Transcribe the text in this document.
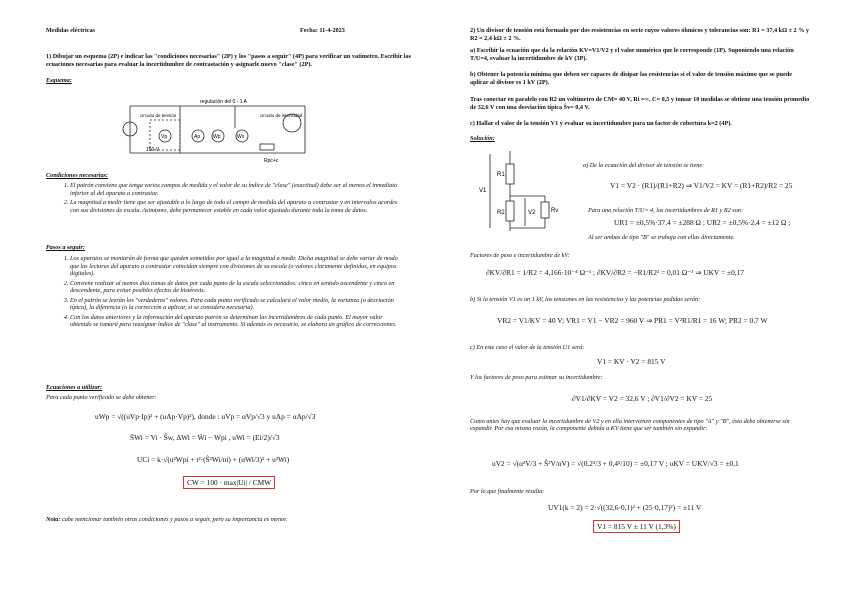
Medidas eléctricas	Fecha: 11-4-2023
1) Dibujar un esquema (2P) e indicar las "condiciones necesarias" (2P) y los "pasos a seguir" (4P) para verificar un vatímetro. Escribir las ecuaciones necesarias para evaluar la incertidumbre de contrastación y asignarle nuevo "clase" (2P).
Esquema:
regulación del 0 - 1 A
circuito de tensión	circuito de intensidad
150 V
Rpc+c
Vp	Ap	Wp	Wx
Condiciones necesarias:
1. El patrón conviene que tenga varios campos de medida y el valor de su índice de "clase" (exactitud) debe ser al menos el inmediato inferior al del aparato a contrastar.
2. La magnitud a medir tiene que ser ajustable a lo largo de todo el campo de medida del aparato a contrastar y en intervalos acordes con sus divisiones de escala. Asimismo, debe permanecer estable en cada valor ajustado durante toda la toma de datos.
Pasos a seguir:
1. Los aparatos se montarán de forma que queden sometidos por igual a la magnitud a medir. Dicha magnitud se debe variar de modo que las lecturas del aparato a contrastar coincidan siempre con divisiones de su escala (o valores claramente definidos, en equipos digitales).
2. Conviene realizar al menos diez tomas de datos por cada punto de la escala seleccionados: cinco en sentido ascendente y cinco en descendente, para evitar posibles efectos de histéresis.
3. En el patrón se leerán los "verdaderos" valores. Para cada punto verificado se calculará el valor medio, la varianza (o desviación típica), la diferencia (o la corrección a aplicar, si se considera necesaria).
4. Con los datos anteriores y la información del aparato patrón se determinan las incertidumbres de cada punto. El mayor valor obtenido se tomará para reasignar índice de "clase" al instrumento. Si además es necesario, se elabora un gráfico de correcciones.
Ecuaciones a utilizar:
Para cada punto verificado se debe obtener:
uWp = √((uVp·Ip)² + (uAp·Vp)²), donde : uVp = αVp/√3 y uAp = αAp/√3
S̄Wi = Vi · Ŝw, ΔWi = W̄i − Wpi , uWi = (Ei/2)/√3
UCi = k·√(u²Wpi + t²·(Ŝ²Wi/ni) + (αWi/3)² + u²Wi)
CW = 100 · max|Ui| / CMW
Nota: cabe mencionar también otras condiciones y pasos a seguir, pero su importancia es menor.
2) Un divisor de tensión está formado por dos resistencias en serie cuyos valores óhmicos y tolerancias son: R1 = 37,4 kΩ ± 2 % y R2 = 2,4 kΩ ± 2 %.
a) Escribir la ecuación que da la relación KV=V1/V2 y el valor numérico que le corresponde (1P). Suponiendo una relación T/U=4, evaluar la incertidumbre de kV (3P).
b) Obtener la potencia mínima que deben ser capaces de disipar las resistencias si el valor de tensión máximo que se puede aplicar al divisor es 1 kV (2P).
Tras conectar en paralelo con R2 un voltímetro de CM= 40 V, Ri =∞, C= 0,5 y tomar 10 medidas se obtiene una tensión promedio de 32,6 V con una desviación típica Ŝv= 0,4 V.
c) Hallar el valor de la tensión V1 y evaluar su incertidumbre para un factor de cobertura k=2 (4P).
Solución:
V1
R1
R2	V2	Rv
a) De la ecuación del divisor de tensión se tiene:
V1 = V2 · (R1)/(R1+R2) ⇒ V1/V2 = KV = (R1+R2)/R2 = 25
Para una relación T/U= 4, las incertidumbres de R1 y R2 son:
UR1 = ±0,5%·37,4 = ±288 Ω ; UR2 = ±0,5%·2,4 = ±12 Ω ;
Al ser ambas de tipo "B" se trabaja con ellas directamente.
Factores de peso e incertidumbre de kV:
∂KV/∂R1 = 1/R2 = 4,166·10⁻⁴ Ω⁻¹ ; ∂KV/∂R2 = −R1/R2² = 0,01 Ω⁻¹ ⇒ UKV = ±0,17
b) Si la tensión V1 es un 1 kV, las tensiones en las resistencias y las potencias pedidas serán:
VR2 = V1/KV = 40 V; VR1 = V1 − VR2 = 960 V ⇒ PR1 = V²R1/R1 = 16 W; PR2 = 0,7 W
c) En este caso el valor de la tensión U1 será:
V1 = KV · V2 = 815 V
Y los factores de peso para estimar su incertidumbre:
∂V1/∂KV = V2 = 32,6 V ; ∂V1/∂V2 = KV = 25
Como antes hay que evaluar la incertidumbre de V2 y en ella intervienen componentes de tipo "A" y "B", ésta debe obtenerse sin expandir. Por esa misma razón, la componente debida a KV tiene que ser también sin expandir:
uV2 = √(α²V/3 + Ŝ²V/nV) = √(0,2²/3 + 0,4²/10) = ±0,17 V ; uKV = UKV/√3 = ±0,1
Por lo que finalmente resulta:
UV1(k = 2) = 2·√((32,6·0,1)² + (25·0,17)²) = ±11 V
V1 = 815 V ± 11 V (1,3%)
